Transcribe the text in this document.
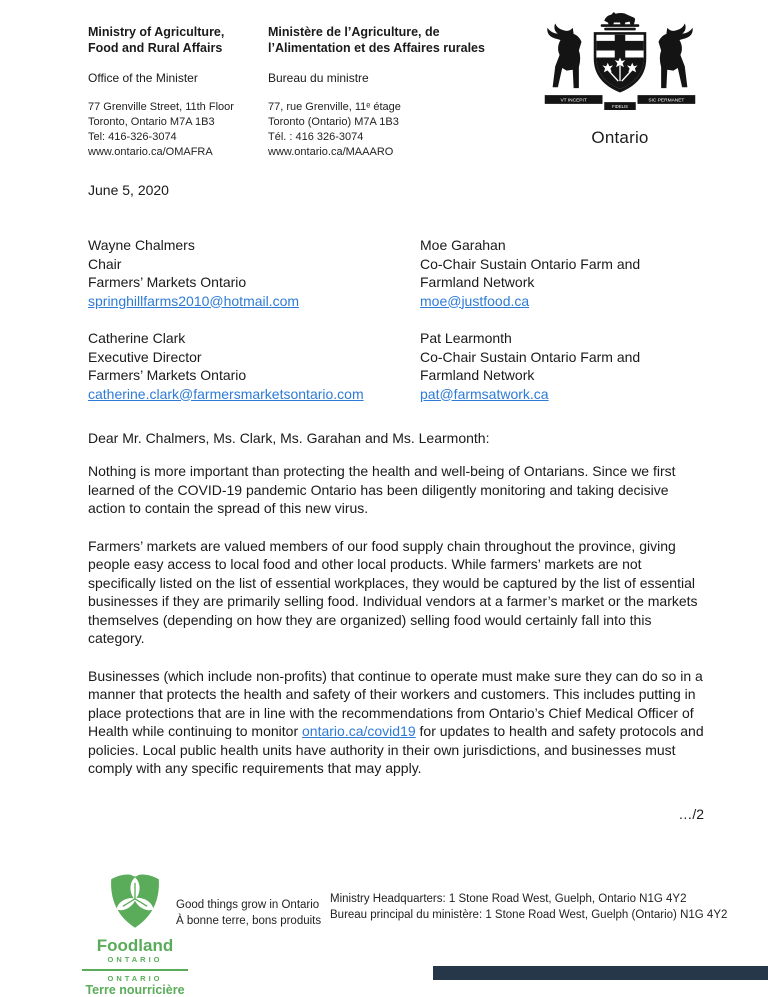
Ministry of Agriculture,
Food and Rural Affairs
Office of the Minister
77 Grenville Street, 11th Floor
Toronto, Ontario M7A 1B3
Tel: 416-326-3074
www.ontario.ca/OMAFRA
Ministère de l’Agriculture, de
l’Alimentation et des Affaires rurales
Bureau du ministre
77, rue Grenville, 11ᵉ étage
Toronto (Ontario) M7A 1B3
Tél. : 416 326-3074
www.ontario.ca/MAAARO
VT INCEPIT	SIC PERMANET
FIDELIS
Ontario
June 5, 2020
Wayne Chalmers
Chair
Farmers’ Markets Ontario
springhillfarms2010@hotmail.com
Moe Garahan
Co-Chair Sustain Ontario Farm and
Farmland Network
moe@justfood.ca
Catherine Clark
Executive Director
Farmers’ Markets Ontario
catherine.clark@farmersmarketsontario.com
Pat Learmonth
Co-Chair Sustain Ontario Farm and
Farmland Network
pat@farmsatwork.ca
Dear Mr. Chalmers, Ms. Clark, Ms. Garahan and Ms. Learmonth:

Nothing is more important than protecting the health and well-being of Ontarians. Since we first learned of the COVID-19 pandemic Ontario has been diligently monitoring and taking decisive action to contain the spread of this new virus.

Farmers’ markets are valued members of our food supply chain throughout the province, giving people easy access to local food and other local products. While farmers’ markets are not specifically listed on the list of essential workplaces, they would be captured by the list of essential businesses if they are primarily selling food. Individual vendors at a farmer’s market or the markets themselves (depending on how they are organized) selling food would certainly fall into this category.

Businesses (which include non-profits) that continue to operate must make sure they can do so in a manner that protects the health and safety of their workers and customers. This includes putting in place protections that are in line with the recommendations from Ontario’s Chief Medical Officer of Health while continuing to monitor ontario.ca/covid19 for updates to health and safety protocols and policies. Local public health units have authority in their own jurisdictions, and businesses must comply with any specific requirements that may apply.

…/2
Foodland
ONTARIO
ONTARIO
Terre nourricière
Good things grow in Ontario
À bonne terre, bons produits
Ministry Headquarters: 1 Stone Road West, Guelph, Ontario N1G 4Y2
Bureau principal du ministère: 1 Stone Road West, Guelph (Ontario) N1G 4Y2
